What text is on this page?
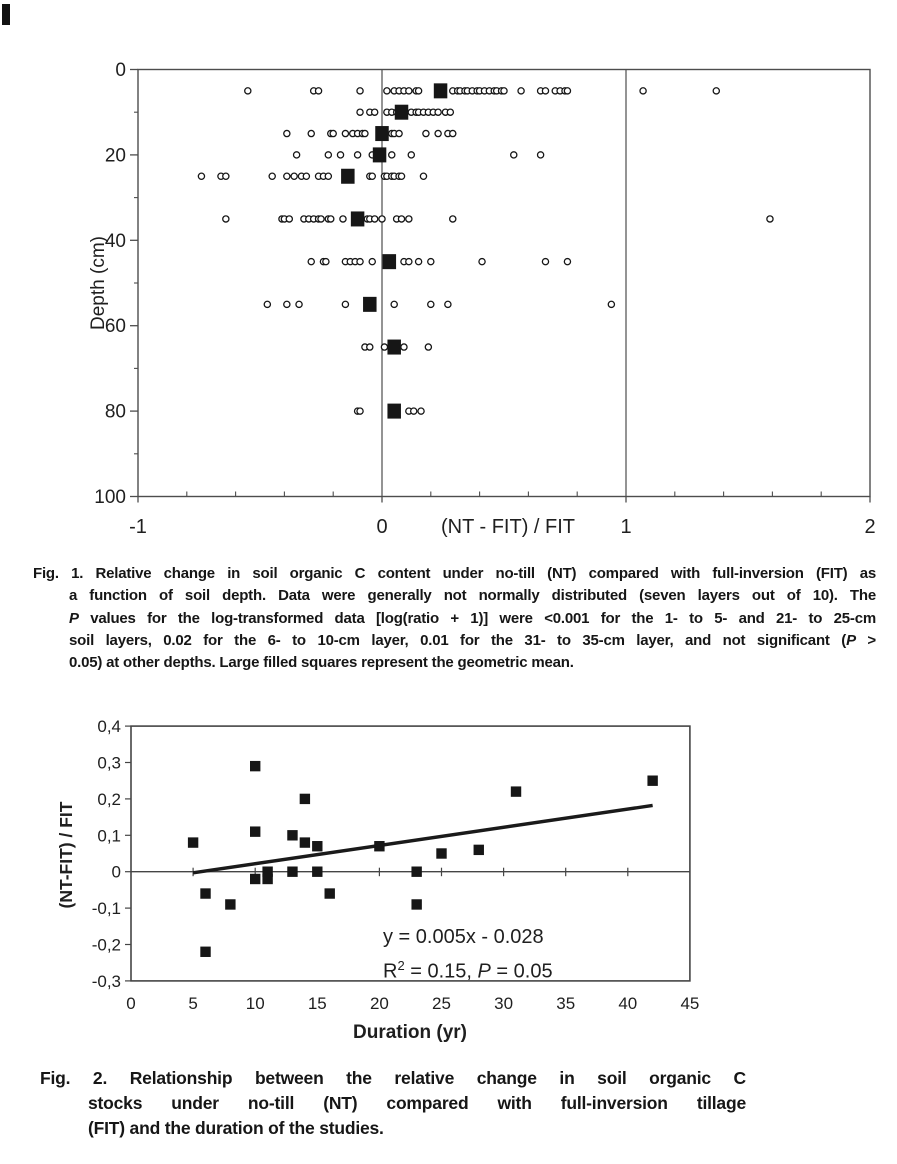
(NT - FIT) / FIT
Depth (cm)
0
20
40
60
80
100
-1	0	1	2
Duration (yr)
(NT-FIT) / FIT
0	5	10	15	20	25	30	35	40	45
0,4
0,3
0,2
0,1
0
-0,1
-0,2
-0,3
y = 0.005x - 0.028
$R^2 = 0.15$, P = 0.05
Fig. 1. Relative change in soil organic C content under no-till (NT) compared with full-inversion (FIT) as
a function of soil depth. Data were generally not normally distributed (seven layers out of 10). The
P values for the log-transformed data [log(ratio + 1)] were <0.001 for the 1- to 5- and 21- to 25-cm
soil layers, 0.02 for the 6- to 10-cm layer, 0.01 for the 31- to 35-cm layer, and not significant (P >
0.05) at other depths. Large filled squares represent the geometric mean.
Fig. 2. Relationship between the relative change in soil organic C
stocks under no-till (NT) compared with full-inversion tillage
(FIT) and the duration of the studies.
